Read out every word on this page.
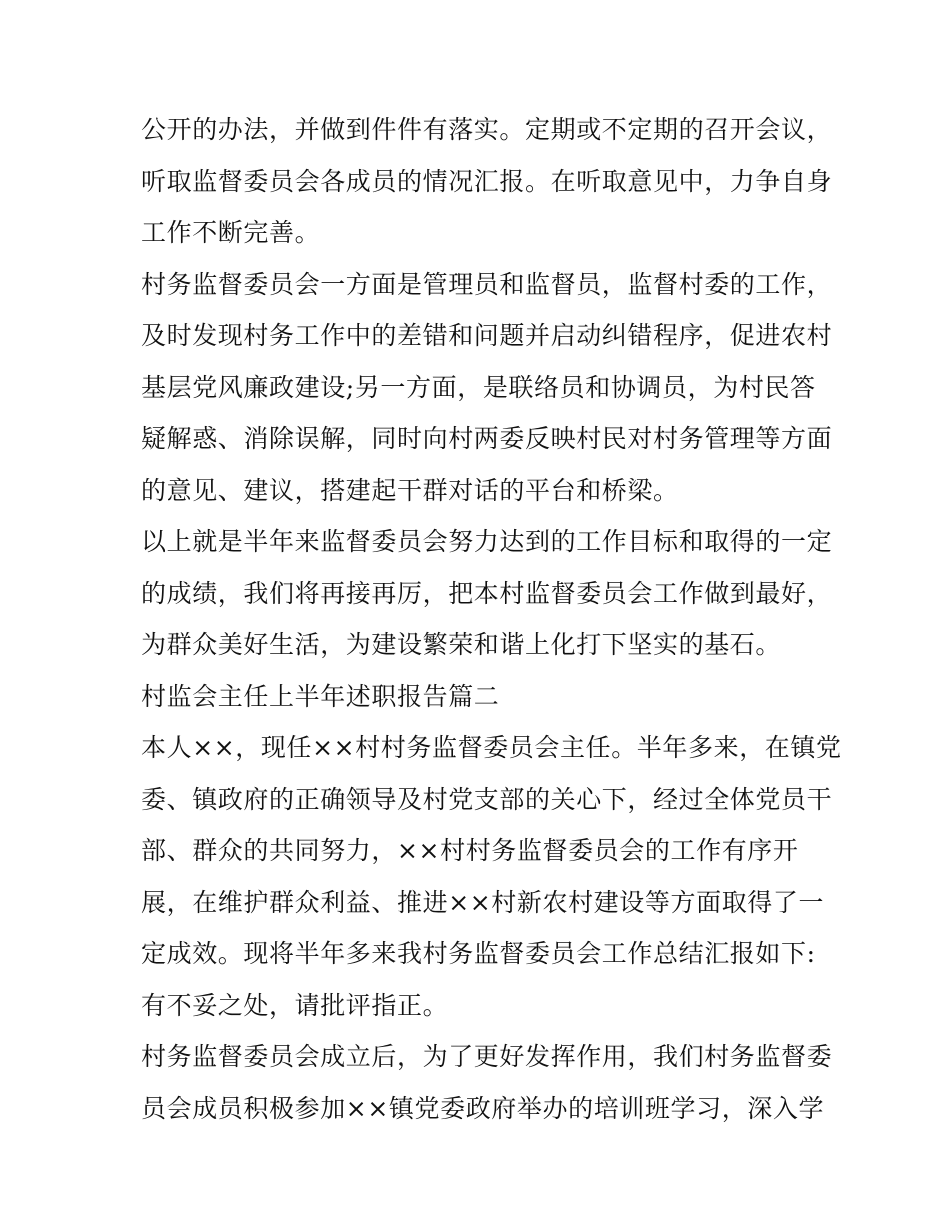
公开的办法，并做到件件有落实。定期或不定期的召开会议，
听取监督委员会各成员的情况汇报。在听取意见中，力争自身
工作不断完善。
村务监督委员会一方面是管理员和监督员，监督村委的工作，
及时发现村务工作中的差错和问题并启动纠错程序，促进农村
基层党风廉政建设;另一方面，是联络员和协调员，为村民答
疑解惑、消除误解，同时向村两委反映村民对村务管理等方面
的意见、建议，搭建起干群对话的平台和桥梁。
以上就是半年来监督委员会努力达到的工作目标和取得的一定
的成绩，我们将再接再厉，把本村监督委员会工作做到最好，
为群众美好生活，为建设繁荣和谐上化打下坚实的基石。
村监会主任上半年述职报告篇二
本人××，现任××村村务监督委员会主任。半年多来，在镇党
委、镇政府的正确领导及村党支部的关心下，经过全体党员干
部、群众的共同努力，××村村务监督委员会的工作有序开
展，在维护群众利益、推进××村新农村建设等方面取得了一
定成效。现将半年多来我村务监督委员会工作总结汇报如下:
有不妥之处，请批评指正。
村务监督委员会成立后，为了更好发挥作用，我们村务监督委
员会成员积极参加××镇党委政府举办的培训班学习，深入学
